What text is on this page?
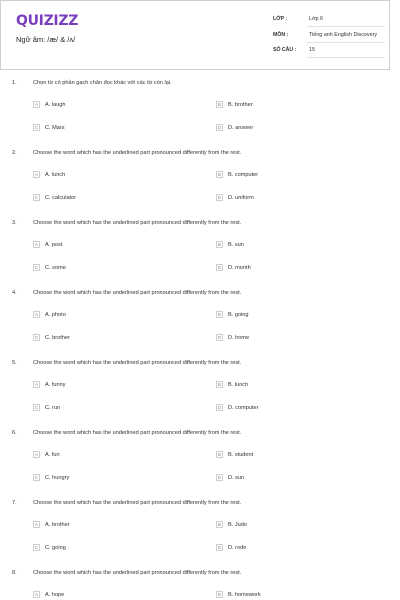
QUIZIZZ
Ngữ âm: /æ/ & /ʌ/
LỚP :	Lớp 6
MÔN :	Tiếng anh English Discovery
SỐ CÂU : 15
1.	Chọn từ có phần gạch chân đọc khác với các từ còn lại.
A	A. laugh	B	B. brother
C	C. Mars	D	D. answer
2.	Choose the word which has the underlined part pronounced differently from the rest.
A	A. lunch	B	B. computer
C	C. calculator	D	D. uniform
3.	Choose the word which has the underlined part pronounced differently from the rest.
A	A. post	B	B. sun
C	C. some	D	D. month
4.	Choose the word which has the underlined part pronounced differently from the rest.
A	A. photo	B	B. going
C	C. brother	D	D. home
5.	Choose the word which has the underlined part pronounced differently from the rest.
A	A. funny	B	B. lunch
C	C. run	D	D. computer
6.	Choose the word which has the underlined part pronounced differently from the rest.
A	A. fun	B	B. student
C	C. hungry	D	D. sun
7.	Choose the word which has the underlined part pronounced differently from the rest.
A	A. brother	B	B. Judo
C	C. going	D	D. rode
8.	Choose the word which has the underlined part pronounced differently from the rest.
A	A. hope	B	B. homework
